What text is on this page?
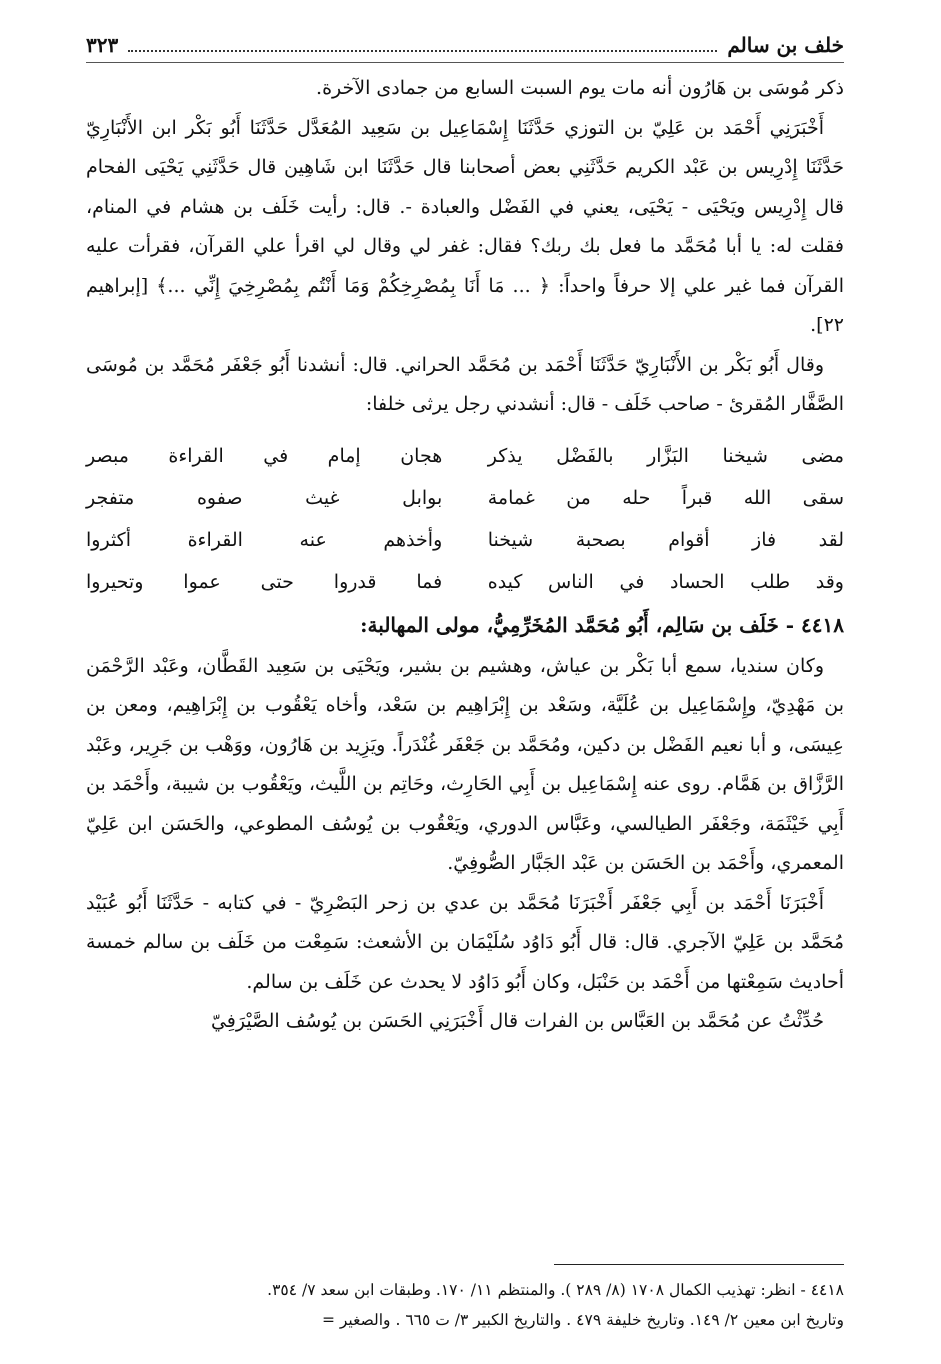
خلف بن سالم
٣٢٣

ذكر مُوسَى بن هَارُون أنه مات يوم السبت السابع من جمادى الآخرة.

أَخْبَرَنِي أَحْمَد بن عَلِيّ بن التوزي حَدَّثَنَا إِسْمَاعِيل بن سَعِيد المُعَدَّل حَدَّثَنَا أَبُو بَكْر ابن الأَنْبَارِيّ حَدَّثَنَا إِدْرِيس بن عَبْد الكريم حَدَّثَنِي بعض أصحابنا قال حَدَّثَنَا ابن شَاهِين قال حَدَّثَنِي يَحْيَى الفحام قال إِدْرِيس ويَحْيَى - يَحْيَى، يعني في الفَضْل والعبادة -. قال: رأيت خَلَف بن هشام في المنام، فقلت له: يا أبا مُحَمَّد ما فعل بك ربك؟ فقال: غفر لي وقال لي اقرأ علي القرآن، فقرأت عليه القرآن فما غير علي إلا حرفاً واحداً: ﴿ ... مَا أَنَا بِمُصْرِخِكُمْ وَمَا أَنْتُم بِمُصْرِخِيَ إِنِّي ...﴾ [إبراهيم ٢٢].

وقال أَبُو بَكْر بن الأَنْبَارِيّ حَدَّثَنَا أَحْمَد بن مُحَمَّد الحراني. قال: أنشدنا أَبُو جَعْفَر مُحَمَّد بن مُوسَى الصَّفَّار المُقرئ - صاحب خَلَف - قال: أنشدني رجل يرثى خلفا:

مضى شيخنا البَزَّار بالفَضْل يذكر
هجان إمام في القراءة مبصر
سقى الله قبراً حله من غمامة
بوابل غيث صفوه متفجر
لقد فاز أقوام بصحبة شيخنا
وأخذهم عنه القراءة أكثروا
وقد طلب الحساد في الناس كيده
فما قدروا حتى عموا وتحيروا
٤٤١٨ - خَلَف بن سَالِم، أَبُو مُحَمَّد المُخَرِّمِيُّ، مولى المهالبة:

وكان سنديا، سمع أبا بَكْر بن عياش، وهشيم بن بشير، ويَحْيَى بن سَعِيد القَطَّان، وعَبْد الرَّحْمَن بن مَهْدِيّ، وإِسْمَاعِيل بن عُلَيَّة، وسَعْد بن إِبْرَاهِيم بن سَعْد، وأخاه يَعْقُوب بن إِبْرَاهِيم، ومعن بن عِيسَى، و أبا نعيم الفَضْل بن دكين، ومُحَمَّد بن جَعْفَر غُنْدَراً. ويَزِيد بن هَارُون، ووَهْب بن جَرِير، وعَبْد الرَّزَّاق بن هَمَّام. روى عنه إِسْمَاعِيل بن أَبِي الحَارِث، وحَاتِم بن اللَّيث، ويَعْقُوب بن شيبة، وأَحْمَد بن أَبِي خَيْثَمَة، وجَعْفَر الطيالسي، وعَبَّاس الدوري، ويَعْقُوب بن يُوسُف المطوعي، والحَسَن ابن عَلِيّ المعمري، وأَحْمَد بن الحَسَن بن عَبْد الجَبَّار الصُّوفِيّ.

أَخْبَرَنَا أَحْمَد بن أَبِي جَعْفَر أَخْبَرَنَا مُحَمَّد بن عدي بن زحر البَصْرِيّ - في كتابه - حَدَّثَنَا أَبُو عُبَيْد مُحَمَّد بن عَلِيّ الآجري. قال: قال أَبُو دَاوُد سُلَيْمَان بن الأشعث: سَمِعْت من خَلَف بن سالم خمسة أحاديث سَمِعْتها من أَحْمَد بن حَنْبَل، وكان أَبُو دَاوُد لا يحدث عن خَلَف بن سالم.

حُدِّثْتُ عن مُحَمَّد بن العَبَّاس بن الفرات قال أَخْبَرَنِي الحَسَن بن يُوسُف الصَّيْرَفِيّ

٤٤١٨ - انظر: تهذيب الكمال ١٧٠٨ (٨/ ٢٨٩ ). والمنتظم ١١/ ١٧٠. وطبقات ابن سعد ٧/ ٣٥٤.

وتاريخ ابن معين ٢/ ١٤٩. وتاريخ خليفة ٤٧٩ . والتاريخ الكبير ٣/ ت ٦٦٥ . والصغير =
